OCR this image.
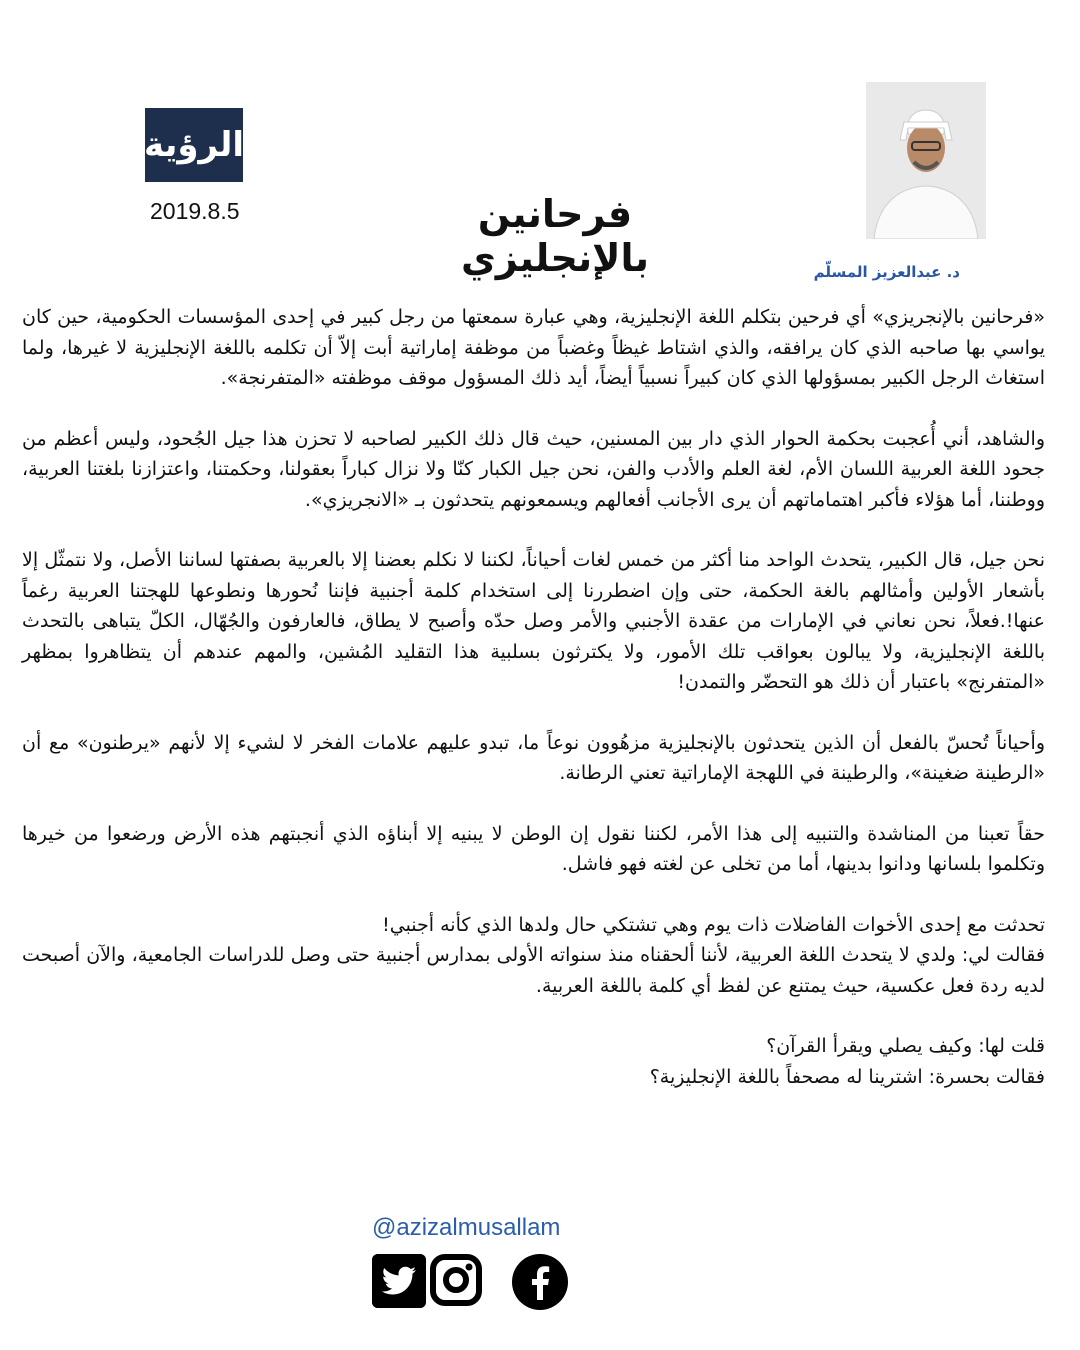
الرؤية
2019.8.5	فرحانين بالإنجليزي	د. عبدالعزيز المسلّم

«فرحانين بالإنجريزي» أي فرحين بتكلم اللغة الإنجليزية، وهي عبارة سمعتها من رجل كبير في إحدى المؤسسات الحكومية، حين كان يواسي بها صاحبه الذي كان يرافقه، والذي اشتاط غيظاً وغضباً من موظفة إماراتية أبت إلاّ أن تكلمه باللغة الإنجليزية لا غيرها، ولما استغاث الرجل الكبير بمسؤولها الذي كان كبيراً نسبياً أيضاً، أيد ذلك المسؤول موقف موظفته «المتفرنجة».

والشاهد، أني أُعجبت بحكمة الحوار الذي دار بين المسنين، حيث قال ذلك الكبير لصاحبه لا تحزن هذا جيل الجُحود، وليس أعظم من جحود اللغة العربية اللسان الأم، لغة العلم والأدب والفن، نحن جيل الكبار كنّا ولا نزال كباراً بعقولنا، وحكمتنا، واعتزازنا بلغتنا العربية، ووطننا، أما هؤلاء فأكبر اهتماماتهم أن يرى الأجانب أفعالهم ويسمعونهم يتحدثون بـ «الانجريزي».

نحن جيل، قال الكبير، يتحدث الواحد منا أكثر من خمس لغات أحياناً، لكننا لا نكلم بعضنا إلا بالعربية بصفتها لساننا الأصل، ولا نتمثّل إلا بأشعار الأولين وأمثالهم بالغة الحكمة، حتى وإن اضطررنا إلى استخدام كلمة أجنبية فإننا نُحورها ونطوعها للهجتنا العربية رغماً عنها!.فعلاً، نحن نعاني في الإمارات من عقدة الأجنبي والأمر وصل حدّه وأصبح لا يطاق، فالعارفون والجُهّال، الكلّ يتباهى بالتحدث باللغة الإنجليزية، ولا يبالون بعواقب تلك الأمور، ولا يكترثون بسلبية هذا التقليد المُشين، والمهم عندهم أن يتظاهروا بمظهر «المتفرنج» باعتبار أن ذلك هو التحضّر والتمدن!

وأحياناً تُحسّ بالفعل أن الذين يتحدثون بالإنجليزية مزهُوون نوعاً ما، تبدو عليهم علامات الفخر لا لشيء إلا لأنهم «يرطنون» مع أن «الرطينة ضغينة»، والرطينة في اللهجة الإماراتية تعني الرطانة.

حقاً تعبنا من المناشدة والتنبيه إلى هذا الأمر، لكننا نقول إن الوطن لا يبنيه إلا أبناؤه الذي أنجبتهم هذه الأرض ورضعوا من خيرها وتكلموا بلسانها ودانوا بدينها، أما من تخلى عن لغته فهو فاشل.

تحدثت مع إحدى الأخوات الفاضلات ذات يوم وهي تشتكي حال ولدها الذي كأنه أجنبي!
فقالت لي: ولدي لا يتحدث اللغة العربية، لأننا ألحقناه منذ سنواته الأولى بمدارس أجنبية حتى وصل للدراسات الجامعية، والآن أصبحت لديه ردة فعل عكسية، حيث يمتنع عن لفظ أي كلمة باللغة العربية.

قلت لها: وكيف يصلي ويقرأ القرآن؟
فقالت بحسرة: اشترينا له مصحفاً باللغة الإنجليزية؟

@azizalmusallam
